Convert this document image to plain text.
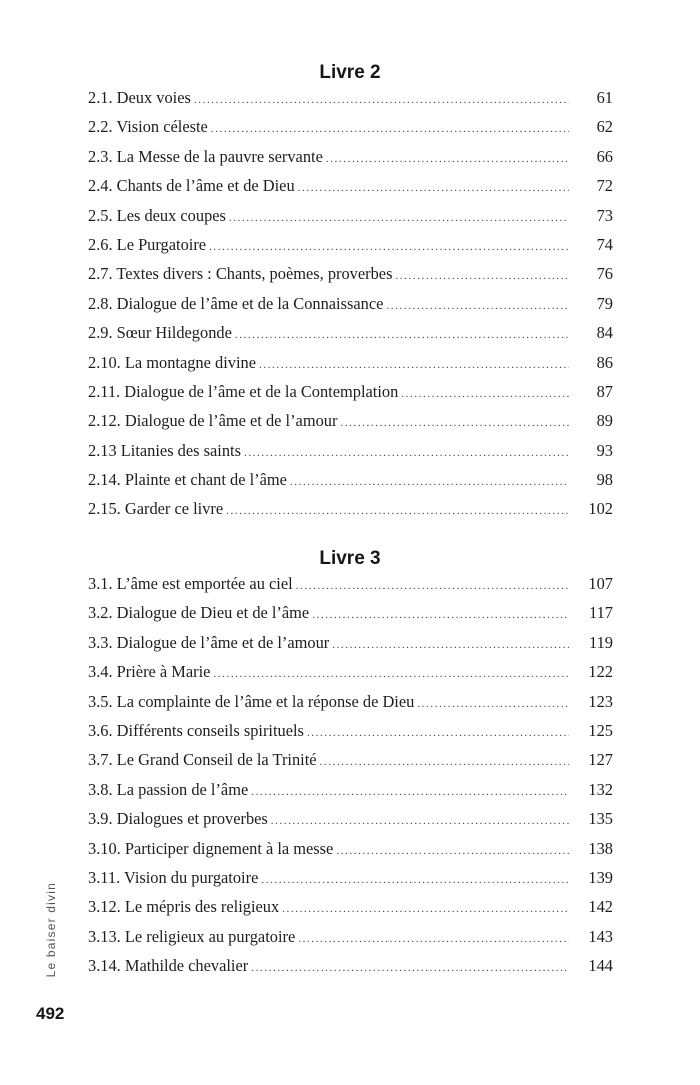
Livre 2
2.1. Deux voies .....	61
2.2. Vision céleste .....	62
2.3. La Messe de la pauvre servante .....	66
2.4. Chants de l’âme et de Dieu .....	72
2.5. Les deux coupes .....	73
2.6. Le Purgatoire .....	74
2.7. Textes divers : Chants, poèmes, proverbes .....	76
2.8. Dialogue de l’âme et de la Connaissance .....	79
2.9. Sœur Hildegonde .....	84
2.10. La montagne divine .....	86
2.11. Dialogue de l’âme et de la Contemplation .....	87
2.12. Dialogue de l’âme et de l’amour .....	89
2.13 Litanies des saints .....	93
2.14. Plainte et chant de l’âme .....	98
2.15. Garder ce livre .....	102
Livre 3
3.1. L’âme est emportée au ciel .....	107
3.2. Dialogue de Dieu et de l’âme .....	117
3.3. Dialogue de l’âme et de l’amour .....	119
3.4. Prière à Marie .....	122
3.5. La complainte de l’âme et la réponse de Dieu .....	123
3.6. Différents conseils spirituels .....	125
3.7. Le Grand Conseil de la Trinité .....	127
3.8. La passion de l’âme .....	132
3.9. Dialogues et proverbes .....	135
3.10. Participer dignement à la messe .....	138
3.11. Vision du purgatoire .....	139
3.12. Le mépris des religieux .....	142
3.13. Le religieux au purgatoire .....	143
3.14. Mathilde chevalier .....	144
Le baiser divin
492
